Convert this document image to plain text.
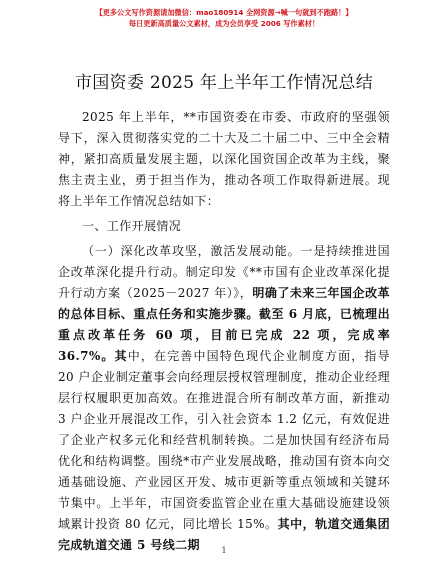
【更多公文写作资源请加微信：mao180914 全网资源→喊一句就到不跑路！】
每日更新高质量公文素材，成为会员享受 2006 写作素材！
市国资委 2025 年上半年工作情况总结

2025 年上半年，**市国资委在市委、市政府的坚强领导下，深入贯彻落实党的二十大及二十届二中、三中全会精神，紧扣高质量发展主题，以深化国资国企改革为主线，聚焦主责主业，勇于担当作为，推动各项工作取得新进展。现将上半年工作情况总结如下：

一、工作开展情况

（一）深化改革攻坚，激活发展动能。一是持续推进国企改革深化提升行动。制定印发《**市国有企业改革深化提升行动方案（2025－2027 年）》，明确了未来三年国企改革的总体目标、重点任务和实施步骤。截至 6 月底，已梳理出重点改革任务 60 项，目前已完成 22 项，完成率 36.7%。其中，在完善中国特色现代企业制度方面，指导 20 户企业制定董事会向经理层授权管理制度，推动企业经理层行权履职更加高效。在推进混合所有制改革方面，新推动 3 户企业开展混改工作，引入社会资本 1.2 亿元，有效促进了企业产权多元化和经营机制转换。二是加快国有经济布局优化和结构调整。围绕*市产业发展战略，推动国有资本向交通基础设施、产业园区开发、城市更新等重点领域和关键环节集中。上半年，市国资委监管企业在重大基础设施建设领域累计投资 80 亿元，同比增长 15%。其中，轨道交通集团完成轨道交通 5 号线二期	1
